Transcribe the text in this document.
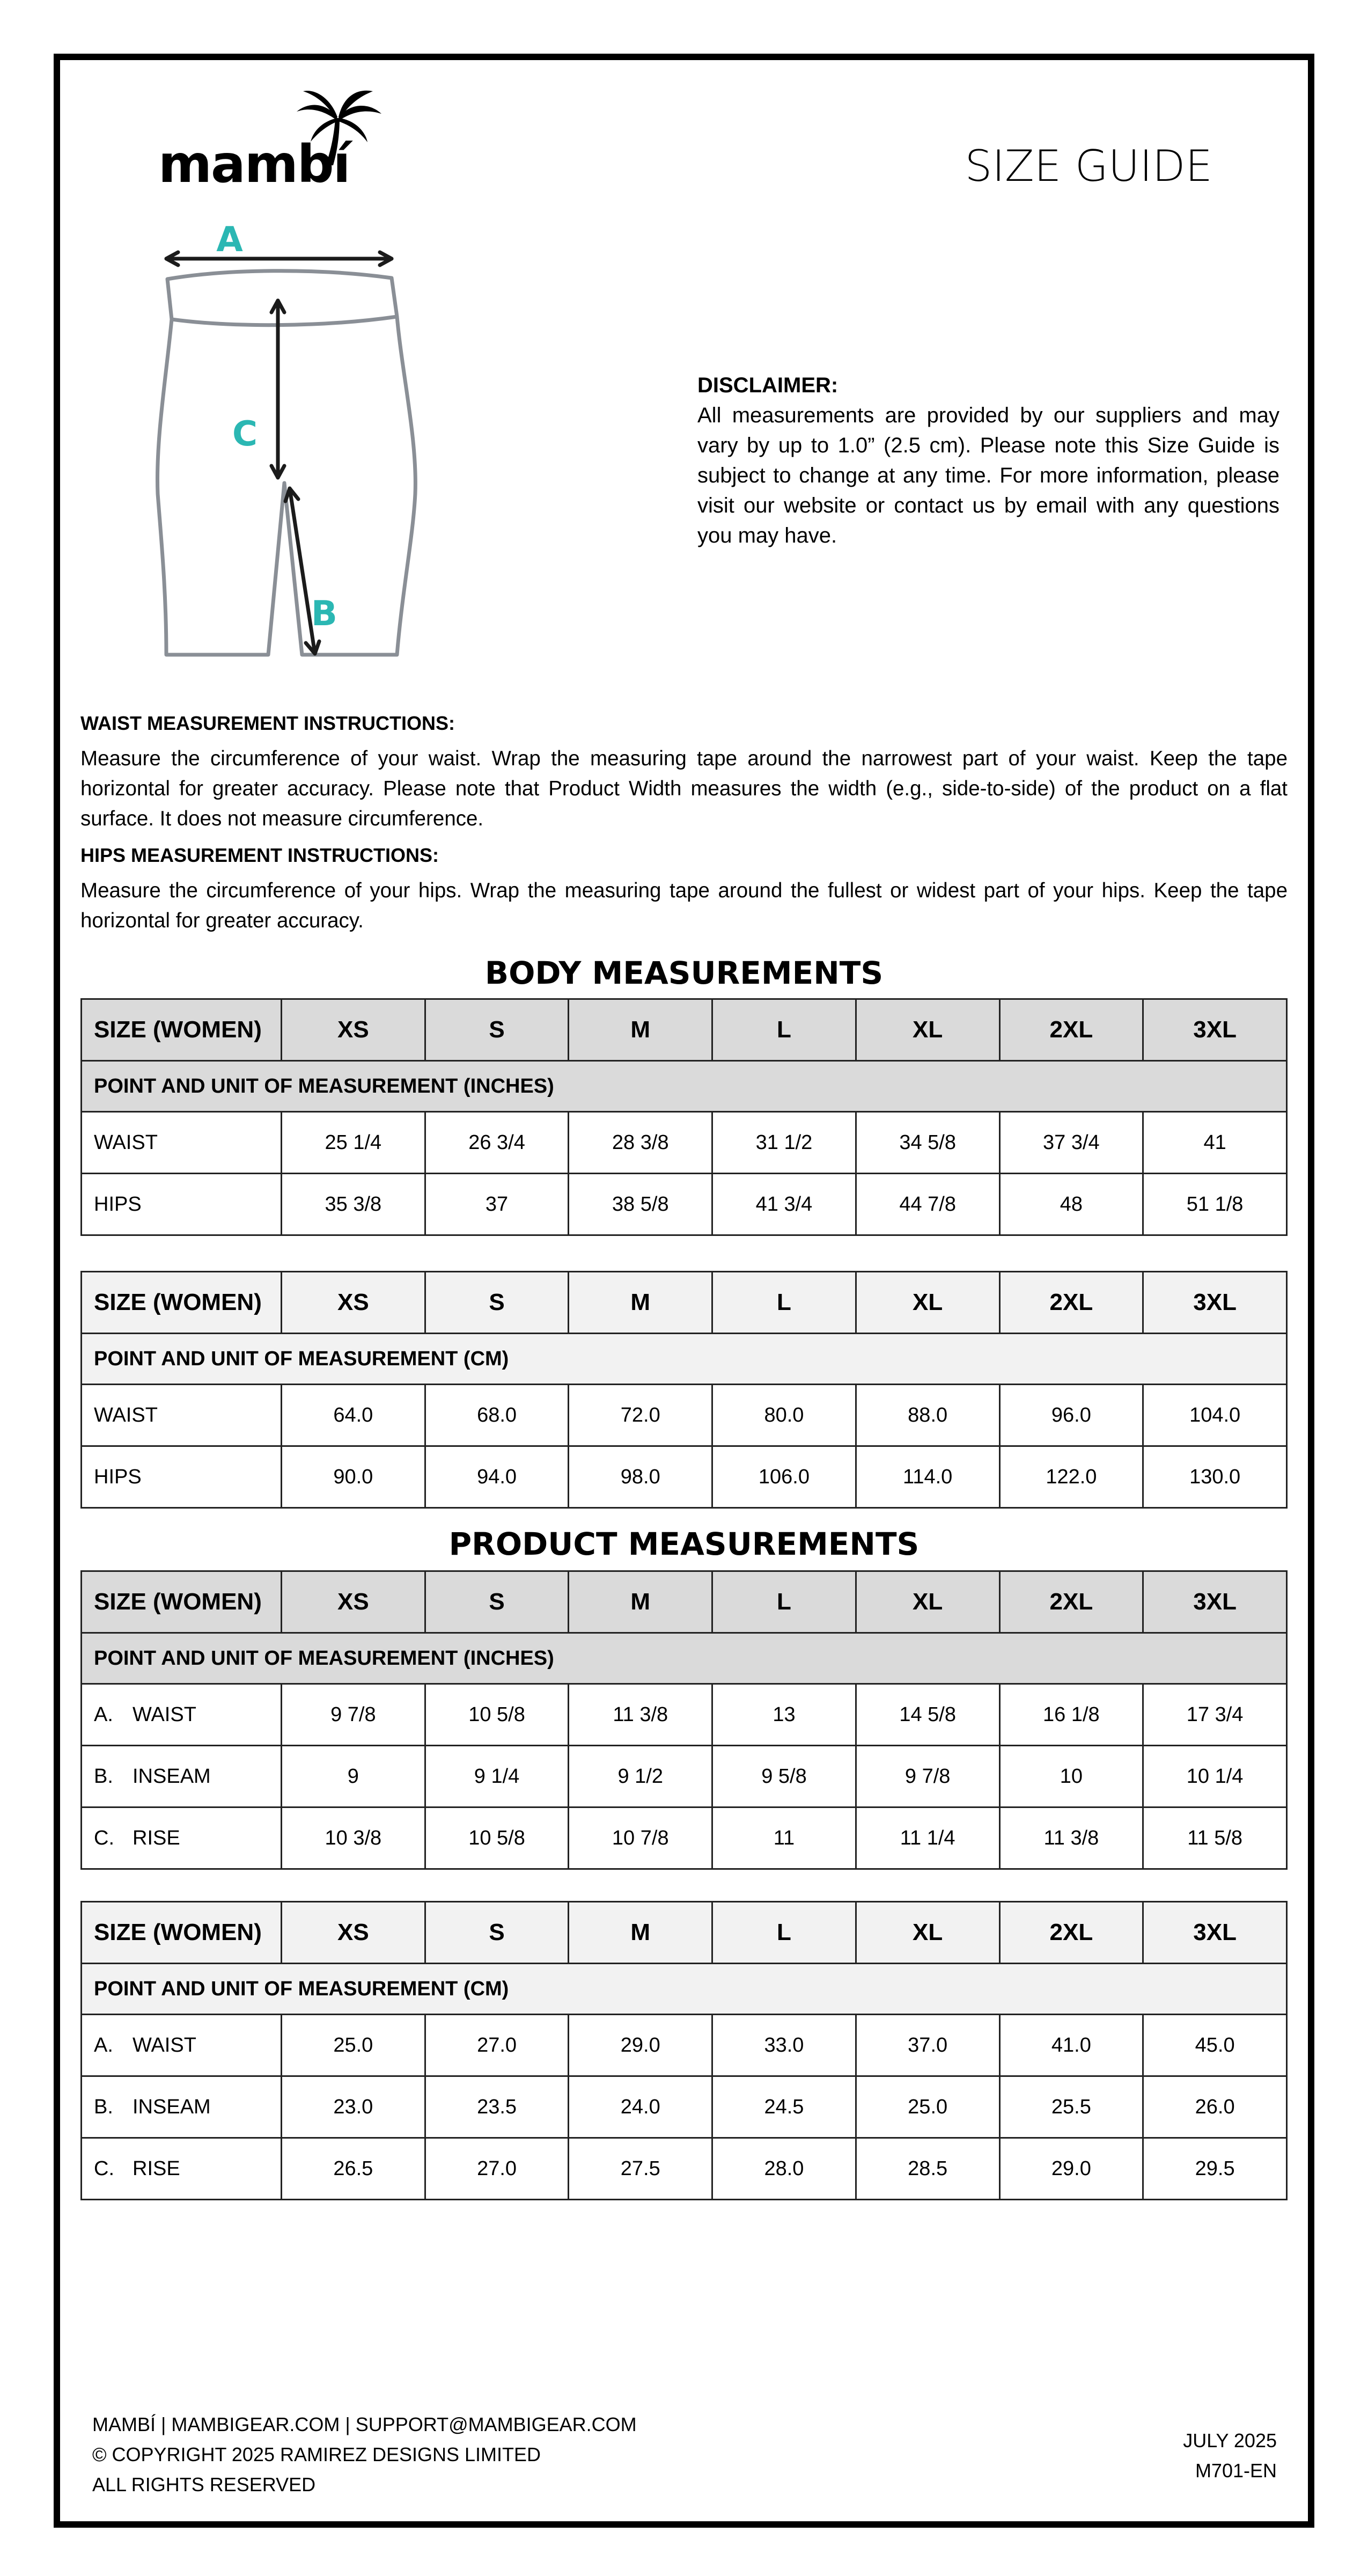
mambí	SIZE GUIDE
A
C
B
DISCLAIMER:
All measurements are provided by our suppliers and may vary by up to 1.0” (2.5 cm). Please note this Size Guide is subject to change at any time. For more information, please visit our website or contact us by email with any questions you may have.
WAIST MEASUREMENT INSTRUCTIONS:
Measure the circumference of your waist. Wrap the measuring tape around the narrowest part of your waist. Keep the tape horizontal for greater accuracy. Please note that Product Width measures the width (e.g., side-to-side) of the product on a flat surface. It does not measure circumference.
HIPS MEASUREMENT INSTRUCTIONS:
Measure the circumference of your hips. Wrap the measuring tape around the fullest or widest part of your hips. Keep the tape horizontal for greater accuracy.
BODY MEASUREMENTS
SIZE (WOMEN)	XS	S	M	L	XL	2XL	3XL
POINT AND UNIT OF MEASUREMENT (INCHES)							
WAIST	25 1/4	26 3/4	28 3/8	31 1/2	34 5/8	37 3/4	41
HIPS	35 3/8	37	38 5/8	41 3/4	44 7/8	48	51 1/8
SIZE (WOMEN)	XS	S	M	L	XL	2XL	3XL
POINT AND UNIT OF MEASUREMENT (CM)							
WAIST	64.0	68.0	72.0	80.0	88.0	96.0	104.0
HIPS	90.0	94.0	98.0	106.0	114.0	122.0	130.0
PRODUCT MEASUREMENTS
SIZE (WOMEN)	XS	S	M	L	XL	2XL	3XL
POINT AND UNIT OF MEASUREMENT (INCHES)							
A. WAIST	9 7/8	10 5/8	11 3/8	13	14 5/8	16 1/8	17 3/4
B. INSEAM	9	9 1/4	9 1/2	9 5/8	9 7/8	10	10 1/4
C. RISE	10 3/8	10 5/8	10 7/8	11	11 1/4	11 3/8	11 5/8
SIZE (WOMEN)	XS	S	M	L	XL	2XL	3XL
POINT AND UNIT OF MEASUREMENT (CM)							
A. WAIST	25.0	27.0	29.0	33.0	37.0	41.0	45.0
B. INSEAM	23.0	23.5	24.0	24.5	25.0	25.5	26.0
C. RISE	26.5	27.0	27.5	28.0	28.5	29.0	29.5
MAMBÍ | MAMBIGEAR.COM | SUPPORT@MAMBIGEAR.COM
© COPYRIGHT 2025 RAMIREZ DESIGNS LIMITED
ALL RIGHTS RESERVED
JULY 2025
M701-EN
